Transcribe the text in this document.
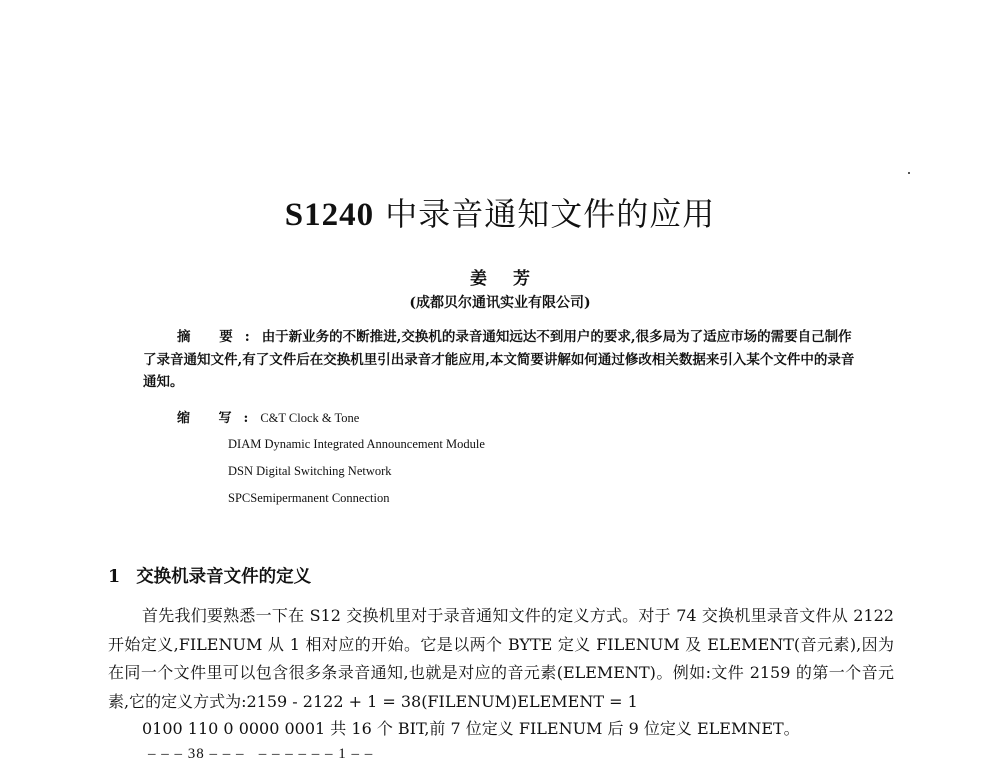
S1240 中录音通知文件的应用
姜 芳
(成都贝尔通讯实业有限公司)

摘 要:由于新业务的不断推进,交换机的录音通知远达不到用户的要求,很多局为了适应市场的需要自己制作了录音通知文件,有了文件后在交换机里引出录音才能应用,本文简要讲解如何通过修改相关数据来引入某个文件中的录音通知。

缩 写:C&T Clock & Tone
DIAM Dynamic Integrated Announcement Module
DSN Digital Switching Network
SPCSemipermanent Connection
1 交换机录音文件的定义

首先我们要熟悉一下在 S12 交换机里对于录音通知文件的定义方式。对于 74 交换机里录音文件从 2122 开始定义,FILENUM 从 1 相对应的开始。它是以两个 BYTE 定义 FILENUM 及 ELEMENT(音元素),因为在同一个文件里可以包含很多条录音通知,也就是对应的音元素(ELEMENT)。例如:文件 2159 的第一个音元素,它的定义方式为:2159 - 2122 + 1 = 38(FILENUM)ELEMENT = 1

0100 110 0 0000 0001 共 16 个 BIT,前 7 位定义 FILENUM 后 9 位定义 ELEMNET。

– – – 38 – – –   – – – – – – 1 – –
